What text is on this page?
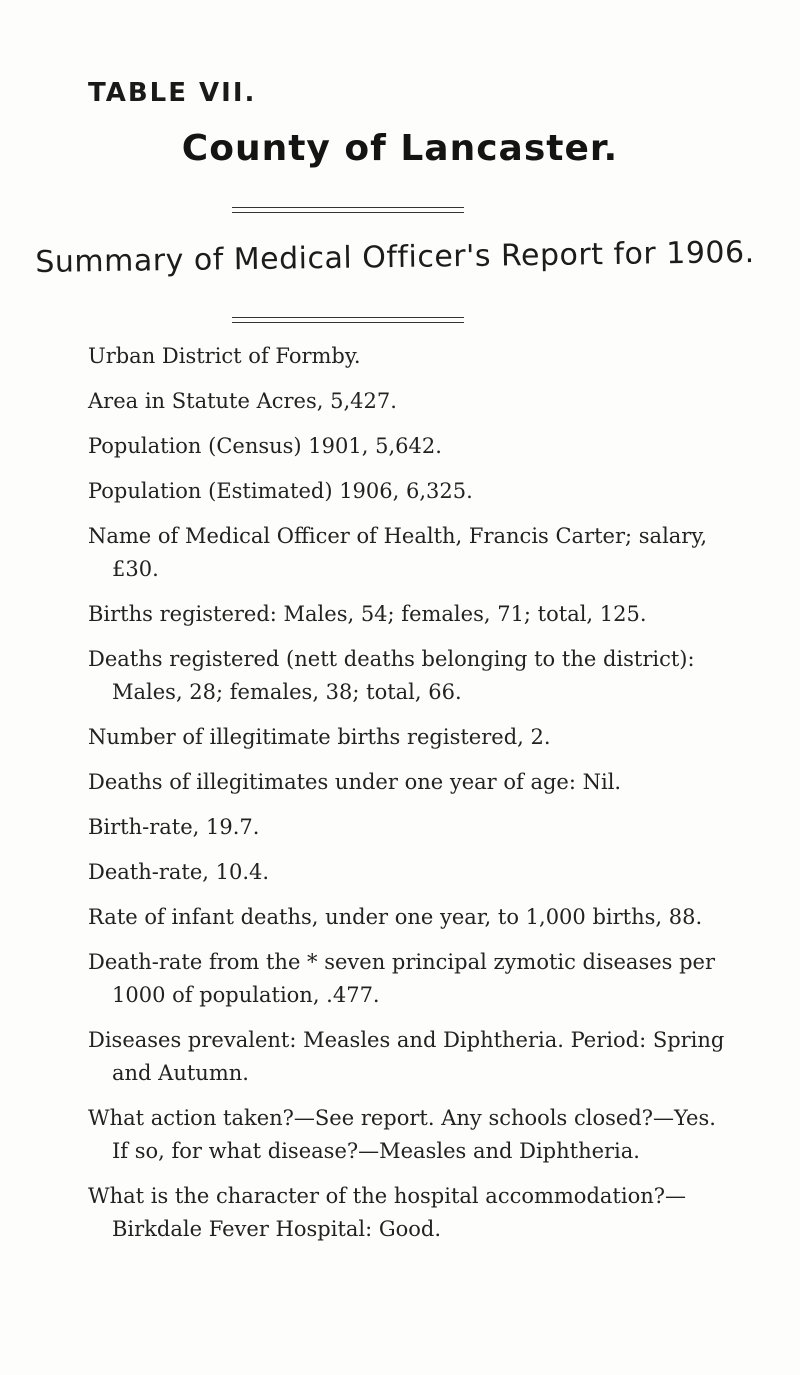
TABLE VII.
County of Lancaster.
Summary of Medical Officer's Report for 1906.

Urban District of Formby.

Area in Statute Acres, 5,427.

Population (Census) 1901, 5,642.

Population (Estimated) 1906, 6,325.

Name of Medical Officer of Health, Francis Carter; salary, £30.

Births registered: Males, 54; females, 71; total, 125.

Deaths registered (nett deaths belonging to the district): Males, 28; females, 38; total, 66.

Number of illegitimate births registered, 2.

Deaths of illegitimates under one year of age: Nil.

Birth-rate, 19.7.

Death-rate, 10.4.

Rate of infant deaths, under one year, to 1,000 births, 88.

Death-rate from the * seven principal zymotic diseases per 1000 of population, .477.

Diseases prevalent: Measles and Diphtheria. Period: Spring and Autumn.

What action taken?—See report. Any schools closed?—Yes. If so, for what disease?—Measles and Diphtheria.

What is the character of the hospital accommodation?—Birkdale Fever Hospital: Good.
